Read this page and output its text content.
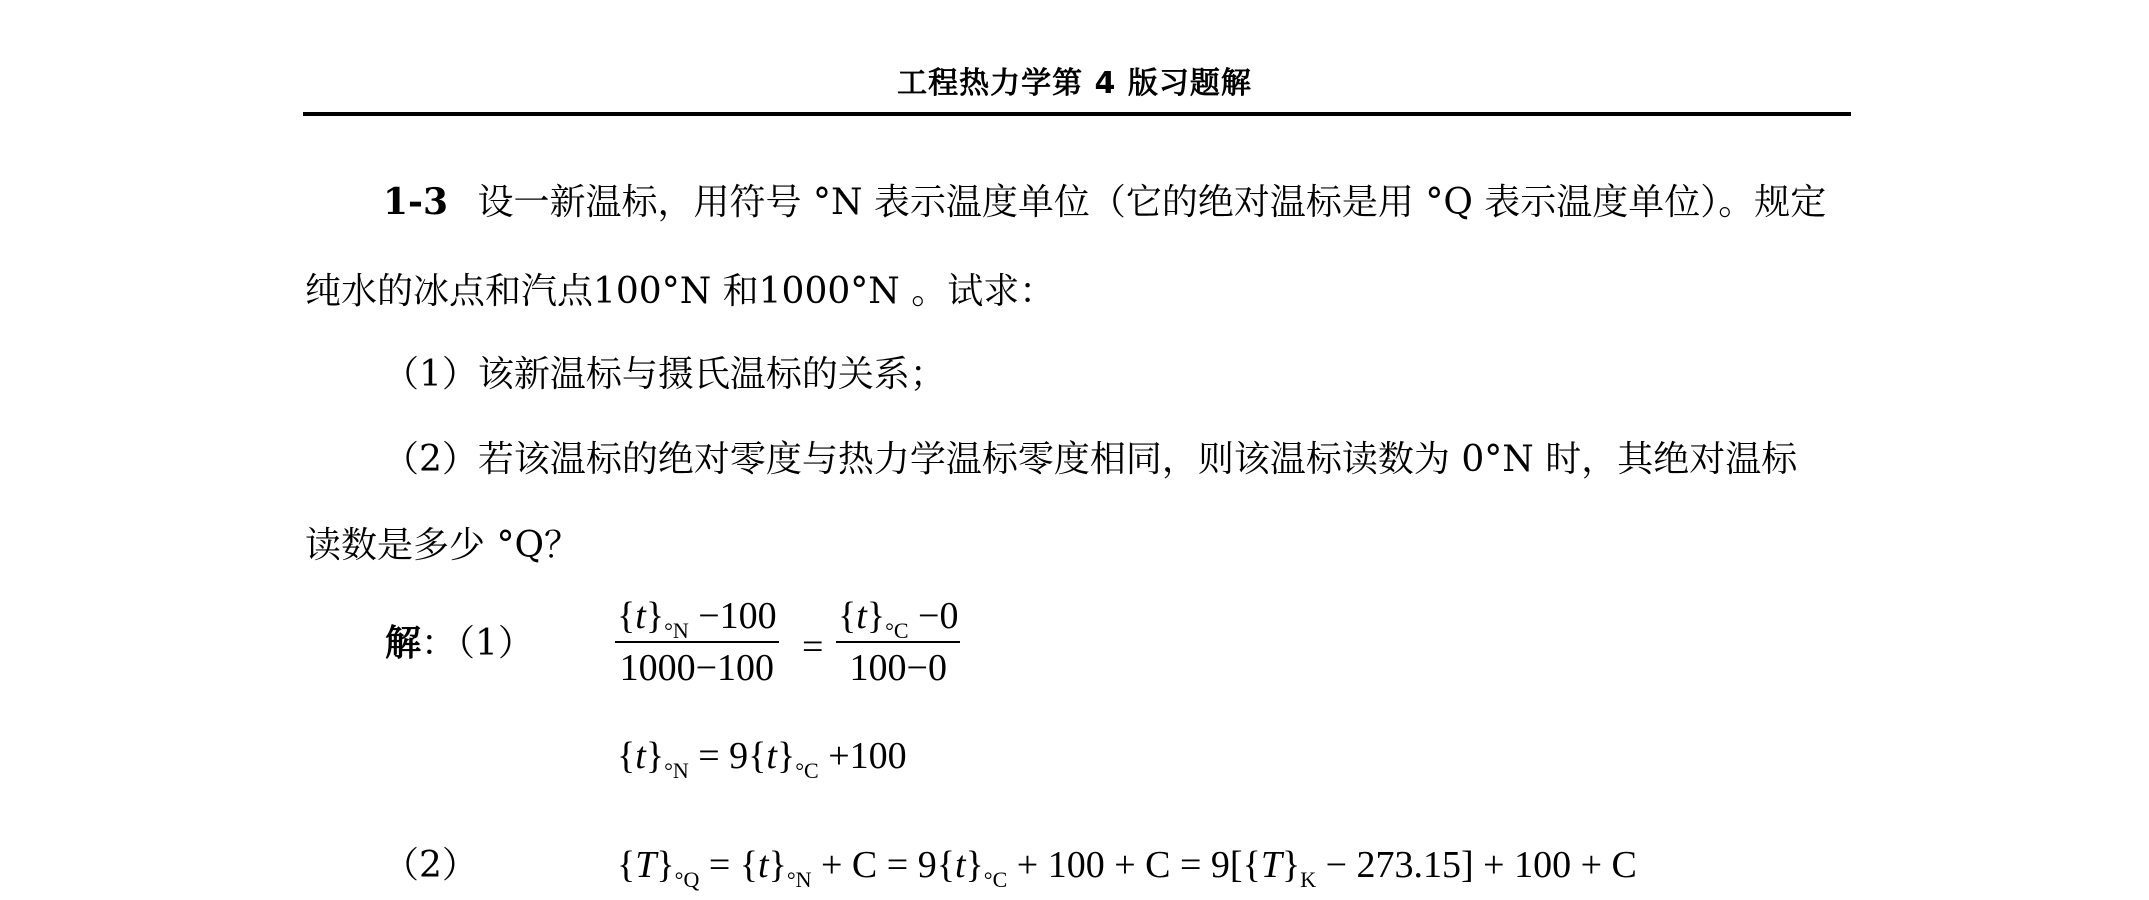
工程热力学第 4 版习题解
1-3 设一新温标，用符号 °N 表示温度单位（它的绝对温标是用 °Q 表示温度单位）。规定
纯水的冰点和汽点100°N 和1000°N 。试求：
（1）该新温标与摄氏温标的关系；
（2）若该温标的绝对零度与热力学温标零度相同，则该温标读数为 0°N 时，其绝对温标
读数是多少 °Q？
解：（1）
$\{t\}_{^\circ N} -100$
1000−100 =
$\{t\}_{^\circ C} -0$
100−0
$\{t\}_{^\circ N} = 9\{t\}_{^\circ C} +100$
（2）	$\{T\}_{^\circ Q} = \{t\}_{^\circ N} + C = 9\{t\}_{^\circ C} + 100 + C = 9[\{T\}_K - 273.15] + 100 + C$
